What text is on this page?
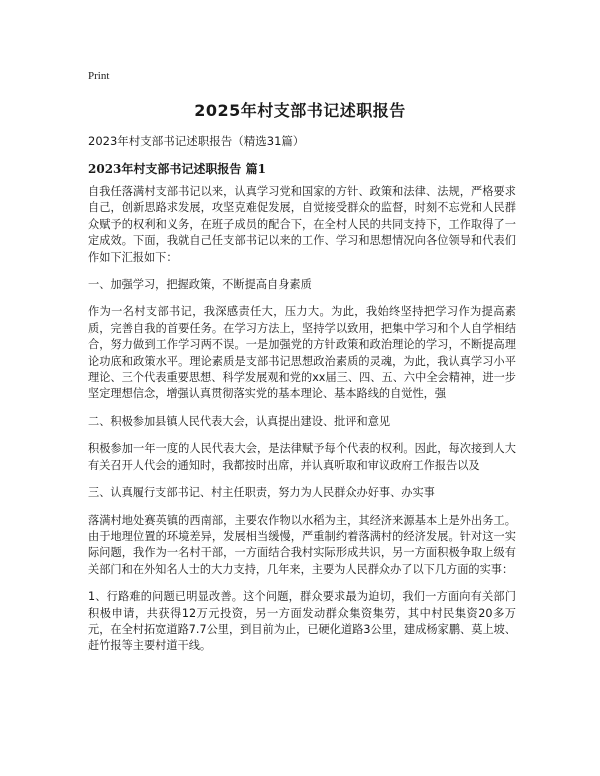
Print
2025年村支部书记述职报告
2023年村支部书记述职报告（精选31篇）
2023年村支部书记述职报告 篇1

自我任落满村支部书记以来，认真学习党和国家的方针、政策和法律、法规，严格要求自己，创新思路求发展，攻坚克难促发展，自觉接受群众的监督，时刻不忘党和人民群众赋予的权利和义务，在班子成员的配合下，在全村人民的共同支持下，工作取得了一定成效。下面，我就自己任支部书记以来的工作、学习和思想情况向各位领导和代表们作如下汇报如下：

一、加强学习，把握政策，不断提高自身素质

作为一名村支部书记，我深感责任大，压力大。为此，我始终坚持把学习作为提高素质，完善自我的首要任务。在学习方法上，坚持学以致用，把集中学习和个人自学相结合，努力做到工作学习两不误。一是加强党的方针政策和政治理论的学习，不断提高理论功底和政策水平。理论素质是支部书记思想政治素质的灵魂，为此，我认真学习小平理论、三个代表重要思想、科学发展观和党的xx届三、四、五、六中全会精神，进一步坚定理想信念，增强认真贯彻落实党的基本理论、基本路线的自觉性，强

二、积极参加县镇人民代表大会，认真提出建设、批评和意见

积极参加一年一度的人民代表大会，是法律赋予每个代表的权利。因此，每次接到人大有关召开人代会的通知时，我都按时出席，并认真听取和审议政府工作报告以及

三、认真履行支部书记、村主任职责，努力为人民群众办好事、办实事

落满村地处赛英镇的西南部，主要农作物以水稻为主，其经济来源基本上是外出务工。由于地理位置的环境差异，发展相当缓慢，严重制约着落满村的经济发展。针对这一实际问题，我作为一名村干部，一方面结合我村实际形成共识，另一方面积极争取上级有关部门和在外知名人士的大力支持，几年来，主要为人民群众办了以下几方面的实事：

1、行路难的问题已明显改善。这个问题，群众要求最为迫切，我们一方面向有关部门积极申请，共获得12万元投资，另一方面发动群众集资集劳，其中村民集资20多万元，在全村拓宽道路7.7公里，到目前为止，已硬化道路3公里，建成杨家鹏、莫上坡、赶竹报等主要村道干线。
